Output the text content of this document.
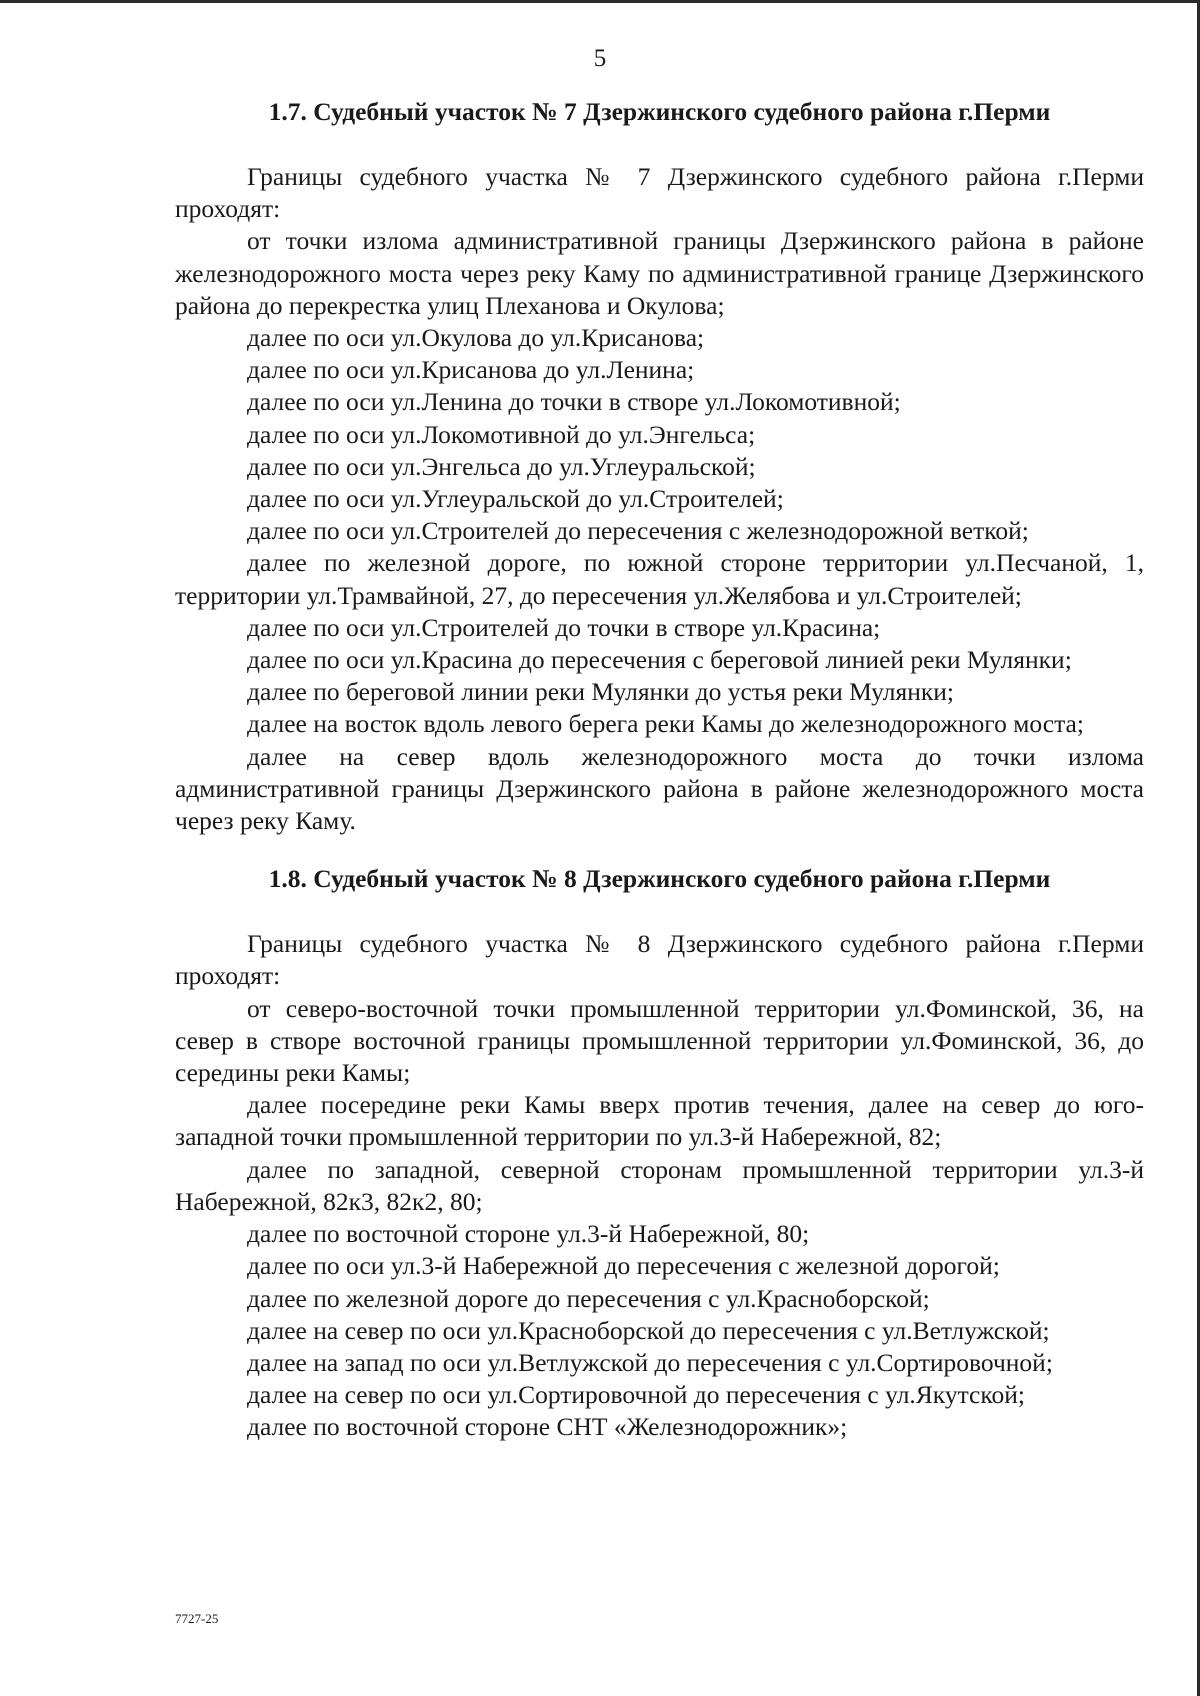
5
1.7. Судебный участок № 7 Дзержинского судебного района г.Перми

Границы судебного участка № 7 Дзержинского судебного района г.Перми проходят:

от точки излома административной границы Дзержинского района в районе железнодорожного моста через реку Каму по административной границе Дзержинского района до перекрестка улиц Плеханова и Окулова;

далее по оси ул.Окулова до ул.Крисанова;

далее по оси ул.Крисанова до ул.Ленина;

далее по оси ул.Ленина до точки в створе ул.Локомотивной;

далее по оси ул.Локомотивной до ул.Энгельса;

далее по оси ул.Энгельса до ул.Углеуральской;

далее по оси ул.Углеуральской до ул.Строителей;

далее по оси ул.Строителей до пересечения с железнодорожной веткой;

далее по железной дороге, по южной стороне территории ул.Песчаной, 1, территории ул.Трамвайной, 27, до пересечения ул.Желябова и ул.Строителей;

далее по оси ул.Строителей до точки в створе ул.Красина;

далее по оси ул.Красина до пересечения с береговой линией реки Мулянки;

далее по береговой линии реки Мулянки до устья реки Мулянки;

далее на восток вдоль левого берега реки Камы до железнодорожного моста;

далее на север вдоль железнодорожного моста до точки излома административной границы Дзержинского района в районе железнодорожного моста через реку Каму.

1.8. Судебный участок № 8 Дзержинского судебного района г.Перми

Границы судебного участка № 8 Дзержинского судебного района г.Перми проходят:

от северо-восточной точки промышленной территории ул.Фоминской, 36, на север в створе восточной границы промышленной территории ул.Фоминской, 36, до середины реки Камы;

далее посередине реки Камы вверх против течения, далее на север до юго-западной точки промышленной территории по ул.3-й Набережной, 82;

далее по западной, северной сторонам промышленной территории ул.3-й Набережной, 82к3, 82к2, 80;

далее по восточной стороне ул.3-й Набережной, 80;

далее по оси ул.3-й Набережной до пересечения с железной дорогой;

далее по железной дороге до пересечения с ул.Красноборской;

далее на север по оси ул.Красноборской до пересечения с ул.Ветлужской;

далее на запад по оси ул.Ветлужской до пересечения с ул.Сортировочной;

далее на север по оси ул.Сортировочной до пересечения с ул.Якутской;

далее по восточной стороне СНТ «Железнодорожник»;

7727-25
